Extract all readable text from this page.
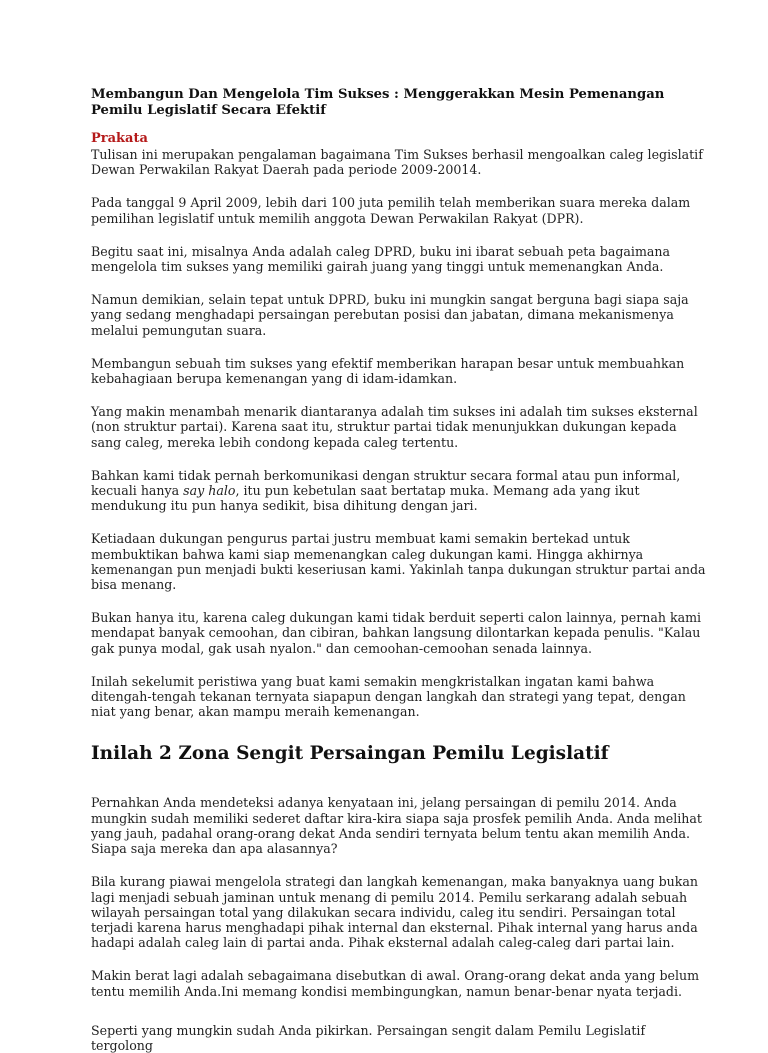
Membangun Dan Mengelola Tim Sukses : Menggerakkan Mesin Pemenangan Pemilu Legislatif Secara Efektif

Prakata

Tulisan ini merupakan pengalaman bagaimana Tim Sukses berhasil mengoalkan caleg legislatif Dewan Perwakilan Rakyat Daerah pada periode 2009-20014.

Pada tanggal 9 April 2009, lebih dari 100 juta pemilih telah memberikan suara mereka dalam pemilihan legislatif untuk memilih anggota Dewan Perwakilan Rakyat (DPR).

Begitu saat ini, misalnya Anda adalah caleg DPRD, buku ini ibarat sebuah peta bagaimana mengelola tim sukses yang memiliki gairah juang yang tinggi untuk memenangkan Anda.

Namun demikian, selain tepat untuk DPRD, buku ini mungkin sangat berguna bagi siapa saja yang sedang menghadapi persaingan perebutan posisi dan jabatan, dimana mekanismenya melalui pemungutan suara.

Membangun sebuah tim sukses yang efektif memberikan harapan besar untuk membuahkan kebahagiaan berupa kemenangan yang di idam-idamkan.

Yang makin menambah menarik diantaranya adalah tim sukses ini adalah tim sukses eksternal (non struktur partai). Karena saat itu, struktur partai tidak menunjukkan dukungan kepada sang caleg, mereka lebih condong kepada caleg tertentu.

Bahkan kami tidak pernah berkomunikasi dengan struktur secara formal atau pun informal, kecuali hanya say halo, itu pun kebetulan saat bertatap muka. Memang ada yang ikut mendukung itu pun hanya sedikit, bisa dihitung dengan jari.

Ketiadaan dukungan pengurus partai justru membuat kami semakin bertekad untuk membuktikan bahwa kami siap memenangkan caleg dukungan kami. Hingga akhirnya kemenangan pun menjadi bukti keseriusan kami. Yakinlah tanpa dukungan struktur partai anda bisa menang.

Bukan hanya itu, karena caleg dukungan kami tidak berduit seperti calon lainnya, pernah kami mendapat banyak cemoohan, dan cibiran, bahkan langsung dilontarkan kepada penulis. "Kalau gak punya modal, gak usah nyalon." dan cemoohan-cemoohan senada lainnya.

Inilah sekelumit peristiwa yang buat kami semakin mengkristalkan ingatan kami bahwa ditengah-tengah tekanan ternyata siapapun dengan langkah dan strategi yang tepat, dengan niat yang benar, akan mampu meraih kemenangan.

Inilah 2 Zona Sengit Persaingan Pemilu Legislatif

Pernahkan Anda mendeteksi adanya kenyataan ini, jelang persaingan di pemilu 2014. Anda mungkin sudah memiliki sederet daftar kira-kira siapa saja prosfek pemilih Anda. Anda melihat yang jauh, padahal orang-orang dekat Anda sendiri ternyata belum tentu akan memilih Anda. Siapa saja mereka dan apa alasannya?

Bila kurang piawai mengelola strategi dan langkah kemenangan, maka banyaknya uang bukan lagi menjadi sebuah jaminan untuk menang di pemilu 2014. Pemilu serkarang adalah sebuah wilayah persaingan total yang dilakukan secara individu, caleg itu sendiri. Persaingan total terjadi karena harus menghadapi pihak internal dan eksternal. Pihak internal yang harus anda hadapi adalah caleg lain di partai anda. Pihak eksternal adalah caleg-caleg dari partai lain.

Makin berat lagi adalah sebagaimana disebutkan di awal. Orang-orang dekat anda yang belum tentu memilih Anda.Ini memang kondisi membingungkan, namun benar-benar nyata terjadi.

Seperti yang mungkin sudah Anda pikirkan. Persaingan sengit dalam Pemilu Legislatif tergolong
